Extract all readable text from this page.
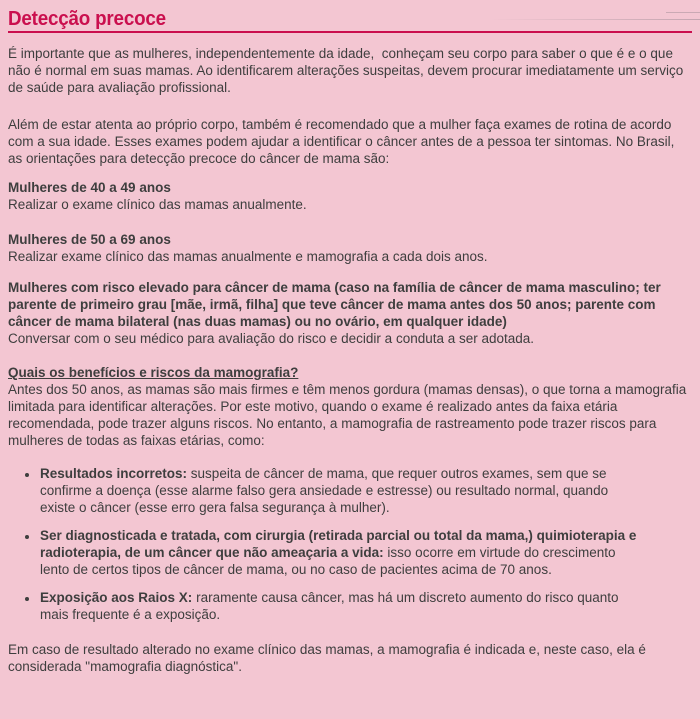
Detecção precoce

É importante que as mulheres, independentemente da idade,  conheçam seu corpo para saber o que é e o que não é normal em suas mamas. Ao identificarem alterações suspeitas, devem procurar imediatamente um serviço de saúde para avaliação profissional.

Além de estar atenta ao próprio corpo, também é recomendado que a mulher faça exames de rotina de acordo com a sua idade. Esses exames podem ajudar a identificar o câncer antes de a pessoa ter sintomas. No Brasil, as orientações para detecção precoce do câncer de mama são:

Mulheres de 40 a 49 anos

Realizar o exame clínico das mamas anualmente.

Mulheres de 50 a 69 anos

Realizar exame clínico das mamas anualmente e mamografia a cada dois anos.

Mulheres com risco elevado para câncer de mama (caso na família de câncer de mama masculino; ter parente de primeiro grau [mãe, irmã, filha] que teve câncer de mama antes dos 50 anos; parente com câncer de mama bilateral (nas duas mamas) ou no ovário, em qualquer idade)

Conversar com o seu médico para avaliação do risco e decidir a conduta a ser adotada.

Quais os benefícios e riscos da mamografia?

Antes dos 50 anos, as mamas são mais firmes e têm menos gordura (mamas densas), o que torna a mamografia limitada para identificar alterações. Por este motivo, quando o exame é realizado antes da faixa etária recomendada, pode trazer alguns riscos. No entanto, a mamografia de rastreamento pode trazer riscos para mulheres de todas as faixas etárias, como:

• Resultados incorretos: suspeita de câncer de mama, que requer outros exames, sem que se confirme a doença (esse alarme falso gera ansiedade e estresse) ou resultado normal, quando existe o câncer (esse erro gera falsa segurança à mulher).
• Ser diagnosticada e tratada, com cirurgia (retirada parcial ou total da mama,) quimioterapia e radioterapia, de um câncer que não ameaçaria a vida: isso ocorre em virtude do crescimento lento de certos tipos de câncer de mama, ou no caso de pacientes acima de 70 anos.
• Exposição aos Raios X: raramente causa câncer, mas há um discreto aumento do risco quanto mais frequente é a exposição.

Em caso de resultado alterado no exame clínico das mamas, a mamografia é indicada e, neste caso, ela é considerada "mamografia diagnóstica".
